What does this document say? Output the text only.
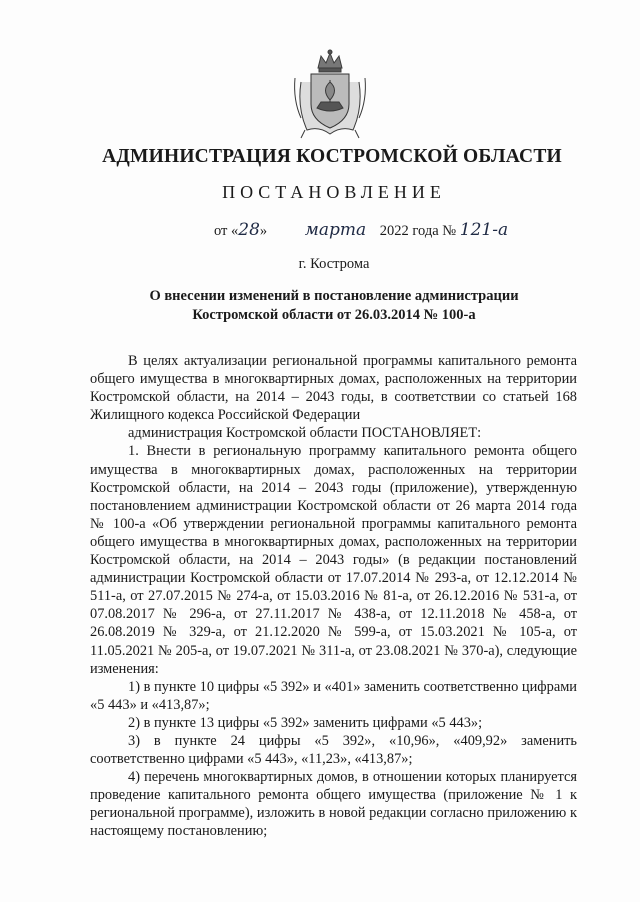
АДМИНИСТРАЦИЯ КОСТРОМСКОЙ ОБЛАСТИ
ПОСТАНОВЛЕНИЕ
от «28» марта 2022 года № 121-а
г. Кострома
О внесении изменений в постановление администрации
Костромской области от 26.03.2014 № 100-а

В целях актуализации региональной программы капитального ремонта общего имущества в многоквартирных домах, расположенных на территории Костромской области, на 2014 – 2043 годы, в соответствии со статьей 168 Жилищного кодекса Российской Федерации

администрация Костромской области ПОСТАНОВЛЯЕТ:

1. Внести в региональную программу капитального ремонта общего имущества в многоквартирных домах, расположенных на территории Костромской области, на 2014 – 2043 годы (приложение), утвержденную постановлением администрации Костромской области от 26 марта 2014 года № 100-а «Об утверждении региональной программы капитального ремонта общего имущества в многоквартирных домах, расположенных на территории Костромской области, на 2014 – 2043 годы» (в редакции постановлений администрации Костромской области от 17.07.2014 № 293-а, от 12.12.2014 № 511-а, от 27.07.2015 № 274-а, от 15.03.2016 № 81-а, от 26.12.2016 № 531-а, от 07.08.2017 № 296-а, от 27.11.2017 № 438-а, от 12.11.2018 № 458-а, от 26.08.2019 № 329-а, от 21.12.2020 № 599-а, от 15.03.2021 № 105-а, от 11.05.2021 № 205-а, от 19.07.2021 № 311-а, от 23.08.2021 № 370-а), следующие изменения:

1) в пункте 10 цифры «5 392» и «401» заменить соответственно цифрами «5 443» и «413,87»;

2) в пункте 13 цифры «5 392» заменить цифрами «5 443»;

3) в пункте 24 цифры «5 392», «10,96», «409,92» заменить соответственно цифрами «5 443», «11,23», «413,87»;

4) перечень многоквартирных домов, в отношении которых планируется проведение капитального ремонта общего имущества (приложение № 1 к региональной программе), изложить в новой редакции согласно приложению к настоящему постановлению;
